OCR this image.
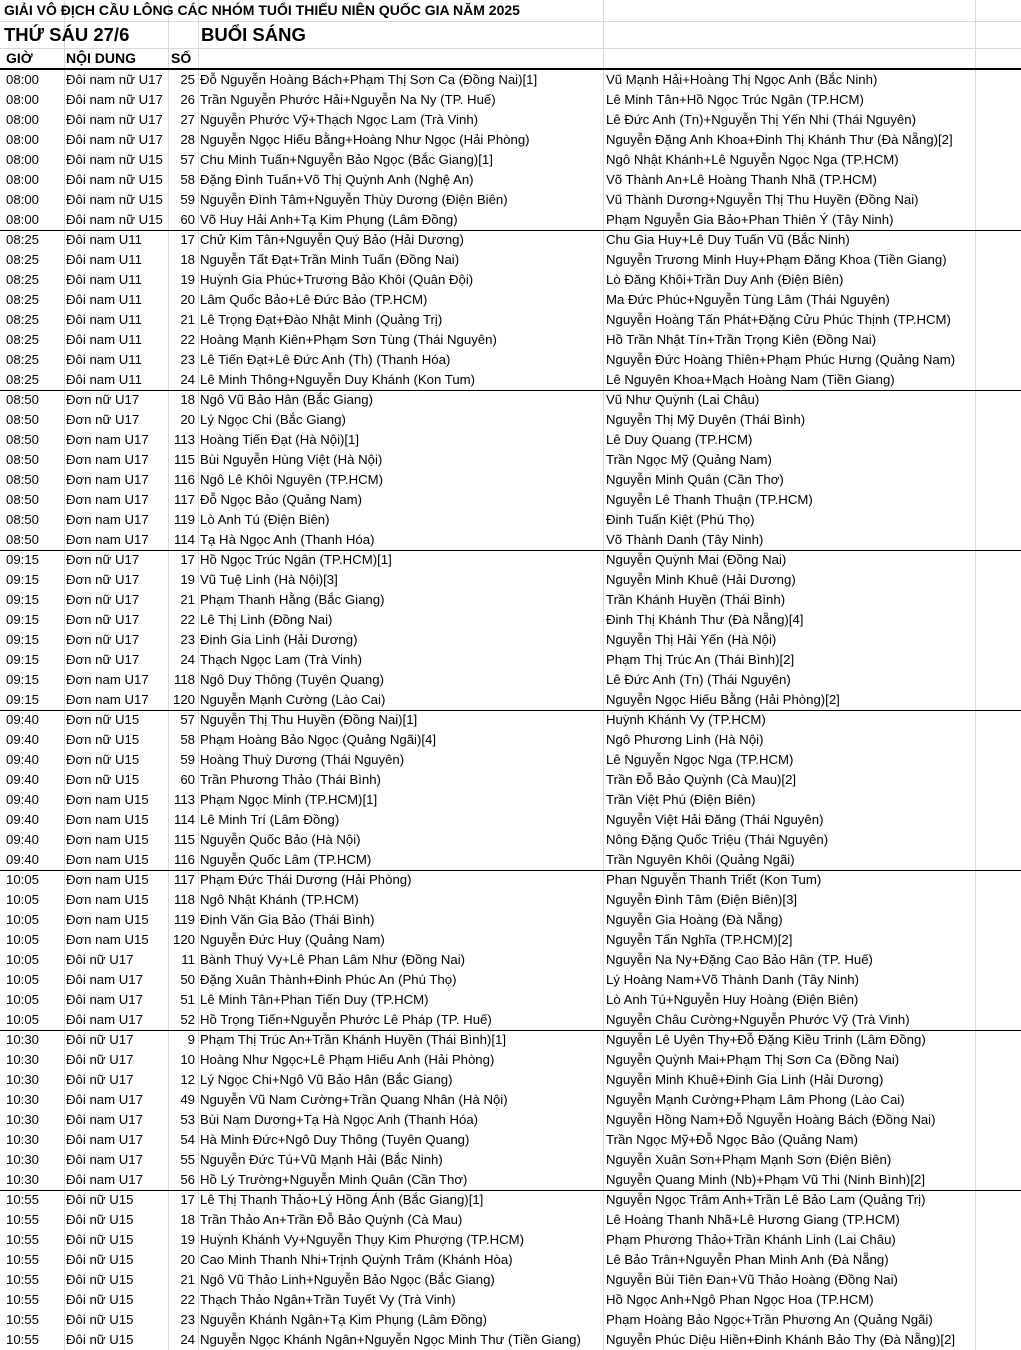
GIẢI VÔ ĐỊCH CẦU LÔNG CÁC NHÓM TUỔI THIẾU NIÊN QUỐC GIA NĂM 2025
THỨ SÁU 27/6	BUỔI SÁNG
GIỜ NỘI DUNG	SỐ
08:00 Đôi nam nữ U17	25 Đỗ Nguyễn Hoàng Bách+Phạm Thị Sơn Ca (Đồng Nai)[1]	Vũ Mạnh Hải+Hoàng Thị Ngọc Anh (Bắc Ninh)
08:00 Đôi nam nữ U17	26 Trần Nguyễn Phước Hải+Nguyễn Na Ny (TP. Huế)	Lê Minh Tân+Hồ Ngọc Trúc Ngân (TP.HCM)
08:00 Đôi nam nữ U17	27 Nguyễn Phước Vỹ+Thạch Ngọc Lam (Trà Vinh)	Lê Đức Anh (Tn)+Nguyễn Thị Yến Nhi (Thái Nguyên)
08:00 Đôi nam nữ U17	28 Nguyễn Ngọc Hiếu Bằng+Hoàng Như Ngọc (Hải Phòng)	Nguyễn Đặng Anh Khoa+Đinh Thị Khánh Thư (Đà Nẵng)[2]
08:00 Đôi nam nữ U15	57 Chu Minh Tuấn+Nguyễn Bảo Ngọc (Bắc Giang)[1]	Ngô Nhật Khánh+Lê Nguyễn Ngọc Nga (TP.HCM)
08:00 Đôi nam nữ U15	58 Đặng Đình Tuấn+Võ Thị Quỳnh Anh (Nghệ An)	Võ Thành An+Lê Hoàng Thanh Nhã (TP.HCM)
08:00 Đôi nam nữ U15	59 Nguyễn Đình Tâm+Nguyễn Thùy Dương (Điện Biên)	Vũ Thành Dương+Nguyễn Thị Thu Huyền (Đồng Nai)
08:00 Đôi nam nữ U15	60 Võ Huy Hải Anh+Tạ Kim Phụng (Lâm Đồng)	Phạm Nguyễn Gia Bảo+Phan Thiên Ý (Tây Ninh)
08:25 Đôi nam U11	17 Chử Kim Tân+Nguyễn Quý Bảo (Hải Dương)	Chu Gia Huy+Lê Duy Tuấn Vũ (Bắc Ninh)
08:25 Đôi nam U11	18 Nguyễn Tất Đạt+Trần Minh Tuấn (Đồng Nai)	Nguyễn Trương Minh Huy+Phạm Đăng Khoa (Tiền Giang)
08:25 Đôi nam U11	19 Huỳnh Gia Phúc+Trương Bảo Khôi (Quân Đội)	Lò Đăng Khôi+Trần Duy Anh (Điện Biên)
08:25 Đôi nam U11	20 Lâm Quốc Bảo+Lê Đức Bảo (TP.HCM)	Ma Đức Phúc+Nguyễn Tùng Lâm (Thái Nguyên)
08:25 Đôi nam U11	21 Lê Trọng Đạt+Đào Nhật Minh (Quảng Trị)	Nguyễn Hoàng Tấn Phát+Đặng Cửu Phúc Thịnh (TP.HCM)
08:25 Đôi nam U11	22 Hoàng Mạnh Kiên+Phạm Sơn Tùng (Thái Nguyên)	Hồ Trần Nhật Tín+Trần Trọng Kiên (Đồng Nai)
08:25 Đôi nam U11	23 Lê Tiến Đạt+Lê Đức Anh (Th) (Thanh Hóa)	Nguyễn Đức Hoàng Thiên+Phạm Phúc Hưng (Quảng Nam)
08:25 Đôi nam U11	24 Lê Minh Thông+Nguyễn Duy Khánh (Kon Tum)	Lê Nguyên Khoa+Mạch Hoàng Nam (Tiền Giang)
08:50 Đơn nữ U17	18 Ngô Vũ Bảo Hân (Bắc Giang)	Vũ Như Quỳnh (Lai Châu)
08:50 Đơn nữ U17	20 Lý Ngọc Chi (Bắc Giang)	Nguyễn Thị Mỹ Duyên (Thái Bình)
08:50 Đơn nam U17	113 Hoàng Tiến Đạt (Hà Nội)[1]	Lê Duy Quang (TP.HCM)
08:50 Đơn nam U17	115 Bùi Nguyễn Hùng Việt (Hà Nội)	Trần Ngọc Mỹ (Quảng Nam)
08:50 Đơn nam U17	116 Ngô Lê Khôi Nguyên (TP.HCM)	Nguyễn Minh Quân (Cần Thơ)
08:50 Đơn nam U17	117 Đỗ Ngọc Bảo (Quảng Nam)	Nguyễn Lê Thanh Thuận (TP.HCM)
08:50 Đơn nam U17	119 Lò Anh Tú (Điện Biên)	Đinh Tuấn Kiệt (Phú Thọ)
08:50 Đơn nam U17	114 Tạ Hà Ngọc Anh (Thanh Hóa)	Võ Thành Danh (Tây Ninh)
09:15 Đơn nữ U17	17 Hồ Ngọc Trúc Ngân (TP.HCM)[1]	Nguyễn Quỳnh Mai (Đồng Nai)
09:15 Đơn nữ U17	19 Vũ Tuệ Linh (Hà Nội)[3]	Nguyễn Minh Khuê (Hải Dương)
09:15 Đơn nữ U17	21 Phạm Thanh Hằng (Bắc Giang)	Trần Khánh Huyền (Thái Bình)
09:15 Đơn nữ U17	22 Lê Thị Linh (Đồng Nai)	Đinh Thị Khánh Thư (Đà Nẵng)[4]
09:15 Đơn nữ U17	23 Đinh Gia Linh (Hải Dương)	Nguyễn Thị Hải Yến (Hà Nội)
09:15 Đơn nữ U17	24 Thạch Ngọc Lam (Trà Vinh)	Phạm Thị Trúc An (Thái Bình)[2]
09:15 Đơn nam U17	118 Ngô Duy Thông (Tuyên Quang)	Lê Đức Anh (Tn) (Thái Nguyên)
09:15 Đơn nam U17	120 Nguyễn Mạnh Cường (Lào Cai)	Nguyễn Ngọc Hiếu Bằng (Hải Phòng)[2]
09:40 Đơn nữ U15	57 Nguyễn Thị Thu Huyền (Đồng Nai)[1]	Huỳnh Khánh Vy (TP.HCM)
09:40 Đơn nữ U15	58 Phạm Hoàng Bảo Ngọc (Quảng Ngãi)[4]	Ngô Phương Linh (Hà Nội)
09:40 Đơn nữ U15	59 Hoàng Thuỳ Dương (Thái Nguyên)	Lê Nguyễn Ngọc Nga (TP.HCM)
09:40 Đơn nữ U15	60 Trần Phương Thảo (Thái Bình)	Trần Đỗ Bảo Quỳnh (Cà Mau)[2]
09:40 Đơn nam U15	113 Phạm Ngọc Minh (TP.HCM)[1]	Trần Việt Phú (Điện Biên)
09:40 Đơn nam U15	114 Lê Minh Trí (Lâm Đồng)	Nguyễn Việt Hải Đăng (Thái Nguyên)
09:40 Đơn nam U15	115 Nguyễn Quốc Bảo (Hà Nội)	Nông Đặng Quốc Triệu (Thái Nguyên)
09:40 Đơn nam U15	116 Nguyễn Quốc Lâm (TP.HCM)	Trần Nguyên Khôi (Quảng Ngãi)
10:05 Đơn nam U15	117 Phạm Đức Thái Dương (Hải Phòng)	Phan Nguyễn Thanh Triết (Kon Tum)
10:05 Đơn nam U15	118 Ngô Nhật Khánh (TP.HCM)	Nguyễn Đình Tâm (Điện Biên)[3]
10:05 Đơn nam U15	119 Đinh Văn Gia Bảo (Thái Bình)	Nguyễn Gia Hoàng (Đà Nẵng)
10:05 Đơn nam U15	120 Nguyễn Đức Huy (Quảng Nam)	Nguyễn Tấn Nghĩa (TP.HCM)[2]
10:05 Đôi nữ U17	11 Bành Thuý Vy+Lê Phan Lâm Như (Đồng Nai)	Nguyễn Na Ny+Đặng Cao Bảo Hân (TP. Huế)
10:05 Đôi nam U17	50 Đặng Xuân Thành+Đinh Phúc An (Phú Thọ)	Lý Hoàng Nam+Võ Thành Danh (Tây Ninh)
10:05 Đôi nam U17	51 Lê Minh Tân+Phan Tiến Duy (TP.HCM)	Lò Anh Tú+Nguyễn Huy Hoàng (Điện Biên)
10:05 Đôi nam U17	52 Hồ Trọng Tiến+Nguyễn Phước Lê Pháp (TP. Huế)	Nguyễn Châu Cường+Nguyễn Phước Vỹ (Trà Vinh)
10:30 Đôi nữ U17	9 Phạm Thị Trúc An+Trần Khánh Huyền (Thái Bình)[1]	Nguyễn Lê Uyên Thy+Đỗ Đặng Kiều Trinh (Lâm Đồng)
10:30 Đôi nữ U17	10 Hoàng Như Ngọc+Lê Phạm Hiếu Anh (Hải Phòng)	Nguyễn Quỳnh Mai+Phạm Thị Sơn Ca (Đồng Nai)
10:30 Đôi nữ U17	12 Lý Ngọc Chi+Ngô Vũ Bảo Hân (Bắc Giang)	Nguyễn Minh Khuê+Đinh Gia Linh (Hải Dương)
10:30 Đôi nam U17	49 Nguyễn Vũ Nam Cường+Trần Quang Nhân (Hà Nội)	Nguyễn Mạnh Cường+Phạm Lâm Phong (Lào Cai)
10:30 Đôi nam U17	53 Bùi Nam Dương+Tạ Hà Ngọc Anh (Thanh Hóa)	Nguyễn Hồng Nam+Đỗ Nguyễn Hoàng Bách (Đồng Nai)
10:30 Đôi nam U17	54 Hà Minh Đức+Ngô Duy Thông (Tuyên Quang)	Trần Ngọc Mỹ+Đỗ Ngọc Bảo (Quảng Nam)
10:30 Đôi nam U17	55 Nguyễn Đức Tú+Vũ Mạnh Hải (Bắc Ninh)	Nguyễn Xuân Sơn+Phạm Mạnh Sơn (Điện Biên)
10:30 Đôi nam U17	56 Hồ Lý Trường+Nguyễn Minh Quân (Cần Thơ)	Nguyễn Quang Minh (Nb)+Phạm Vũ Thi (Ninh Bình)[2]
10:55 Đôi nữ U15	17 Lê Thị Thanh Thảo+Lý Hồng Ánh (Bắc Giang)[1]	Nguyễn Ngọc Trâm Anh+Trần Lê Bảo Lam (Quảng Trị)
10:55 Đôi nữ U15	18 Trần Thảo An+Trần Đỗ Bảo Quỳnh (Cà Mau)	Lê Hoàng Thanh Nhã+Lê Hương Giang (TP.HCM)
10:55 Đôi nữ U15	19 Huỳnh Khánh Vy+Nguyễn Thụy Kim Phượng (TP.HCM)	Phạm Phương Thảo+Trần Khánh Linh (Lai Châu)
10:55 Đôi nữ U15	20 Cao Minh Thanh Nhi+Trịnh Quỳnh Trâm (Khánh Hòa)	Lê Bảo Trân+Nguyễn Phan Minh Anh (Đà Nẵng)
10:55 Đôi nữ U15	21 Ngô Vũ Thảo Linh+Nguyễn Bảo Ngọc (Bắc Giang)	Nguyễn Bùi Tiên Đan+Vũ Thảo Hoàng (Đồng Nai)
10:55 Đôi nữ U15	22 Thạch Thảo Ngân+Trần Tuyết Vy (Trà Vinh)	Hồ Ngọc Anh+Ngô Phan Ngọc Hoa (TP.HCM)
10:55 Đôi nữ U15	23 Nguyễn Khánh Ngân+Tạ Kim Phụng (Lâm Đồng)	Phạm Hoàng Bảo Ngọc+Trần Phương An (Quảng Ngãi)
10:55 Đôi nữ U15	24 Nguyễn Ngọc Khánh Ngân+Nguyễn Ngọc Minh Thư (Tiền Giang) Nguyễn Phúc Diệu Hiền+Đinh Khánh Bảo Thy (Đà Nẵng)[2]
